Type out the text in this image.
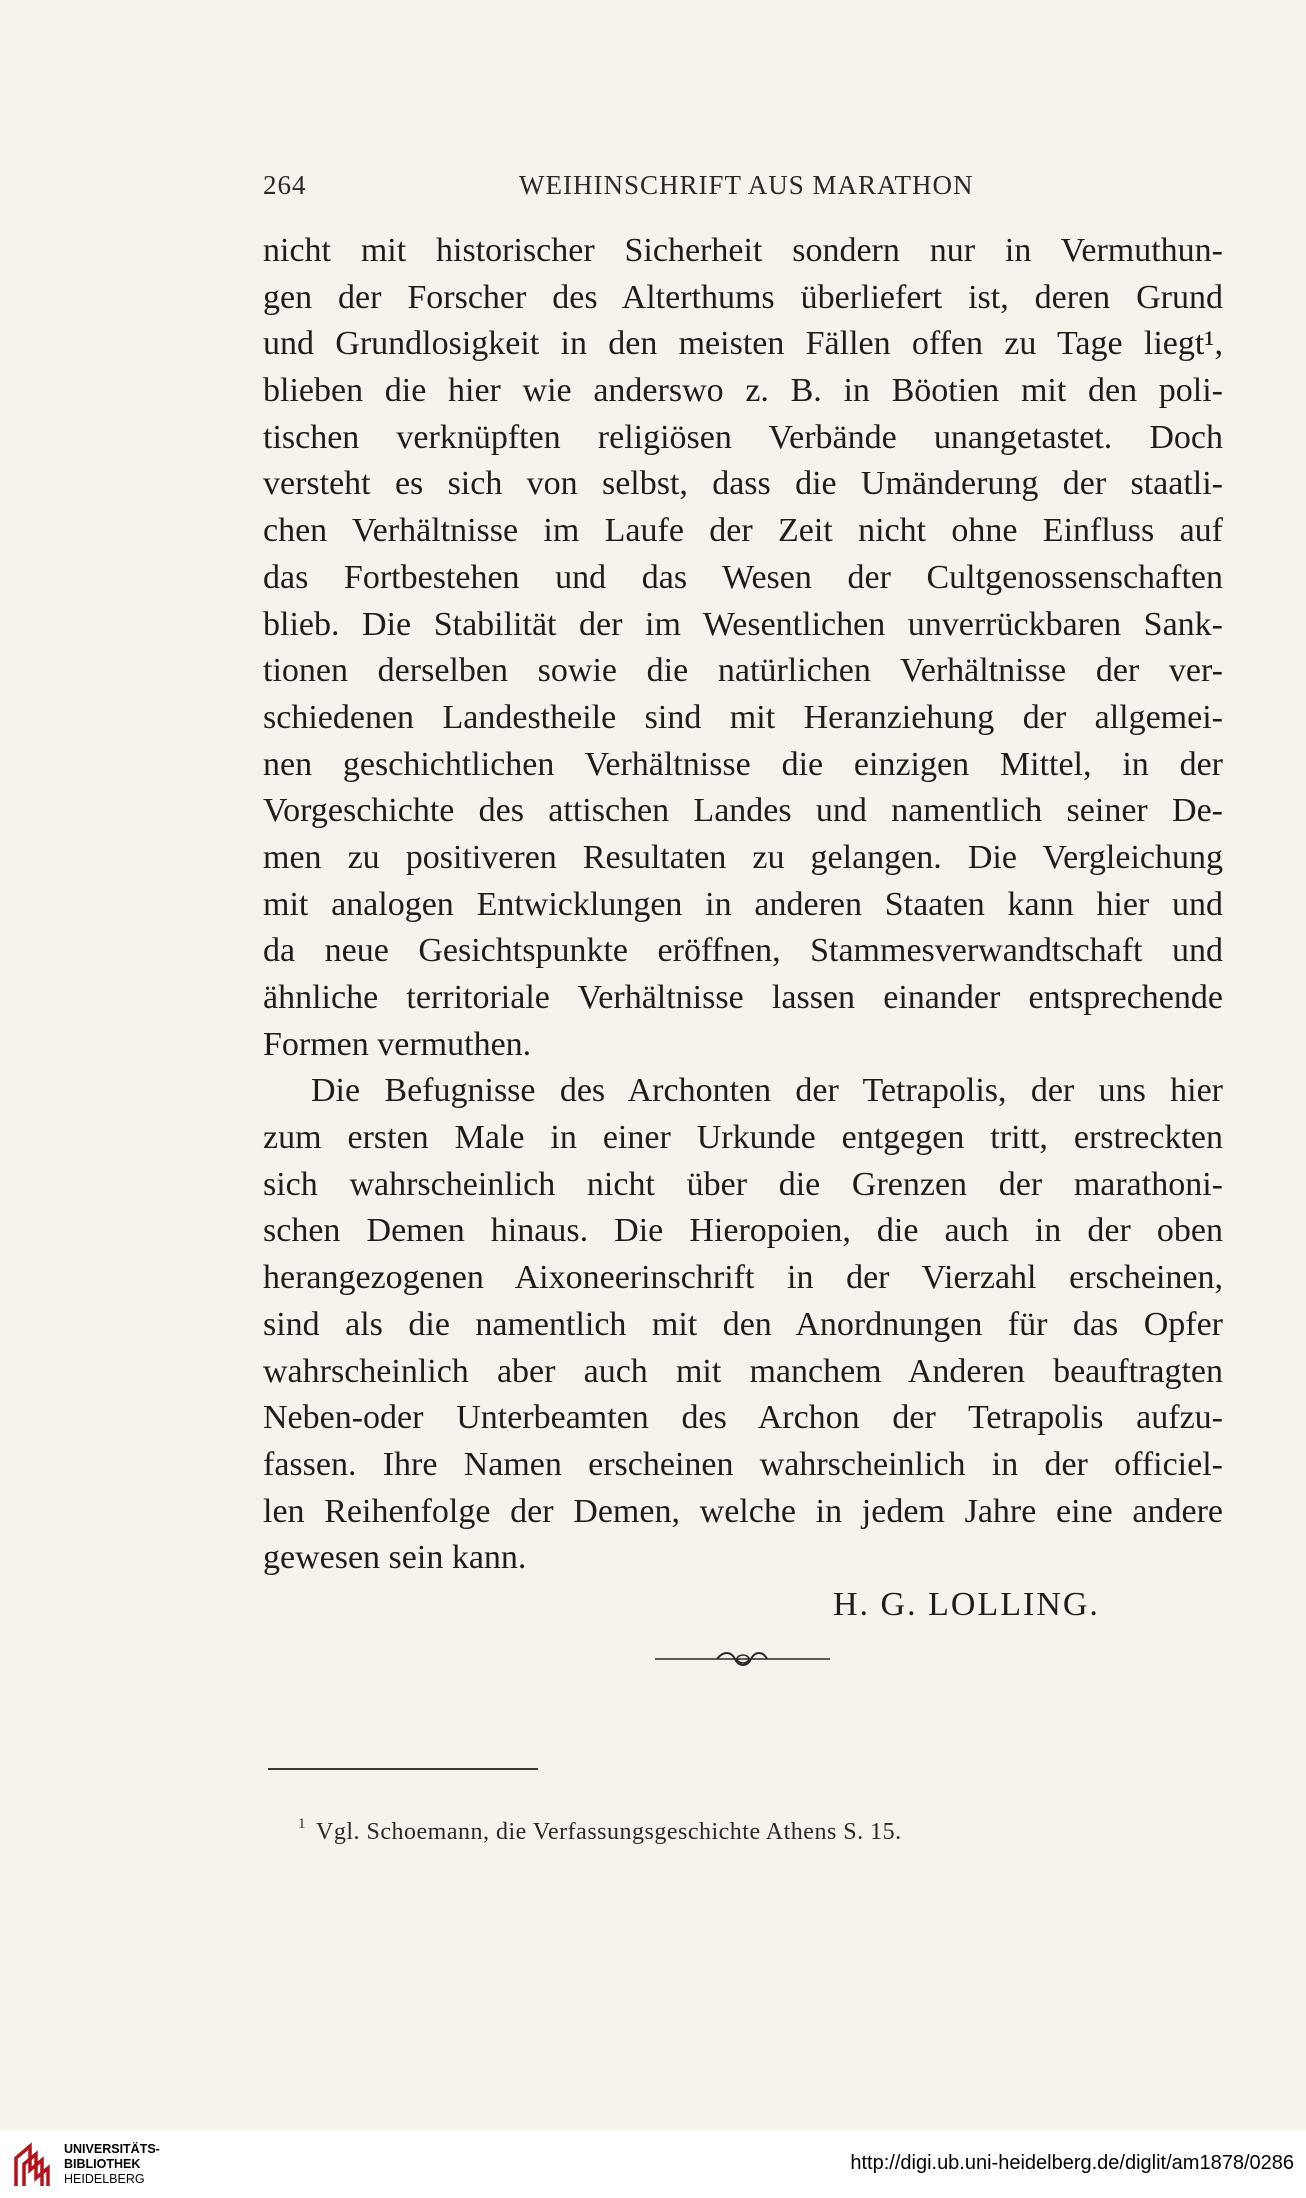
264	WEIHINSCHRIFT AUS MARATHON
nicht mit historischer Sicherheit sondern nur in Vermuthun-
gen der Forscher des Alterthums überliefert ist, deren Grund
und Grundlosigkeit in den meisten Fällen offen zu Tage liegt¹,
blieben die hier wie anderswo z. B. in Böotien mit den poli-
tischen verknüpften religiösen Verbände unangetastet. Doch
versteht es sich von selbst, dass die Umänderung der staatli-
chen Verhältnisse im Laufe der Zeit nicht ohne Einfluss auf
das Fortbestehen und das Wesen der Cultgenossenschaften
blieb. Die Stabilität der im Wesentlichen unverrückbaren Sank-
tionen derselben sowie die natürlichen Verhältnisse der ver-
schiedenen Landestheile sind mit Heranziehung der allgemei-
nen geschichtlichen Verhältnisse die einzigen Mittel, in der
Vorgeschichte des attischen Landes und namentlich seiner De-
men zu positiveren Resultaten zu gelangen. Die Vergleichung
mit analogen Entwicklungen in anderen Staaten kann hier und
da neue Gesichtspunkte eröffnen, Stammesverwandtschaft und
ähnliche territoriale Verhältnisse lassen einander entsprechende
Formen vermuthen.
Die Befugnisse des Archonten der Tetrapolis, der uns hier
zum ersten Male in einer Urkunde entgegen tritt, erstreckten
sich wahrscheinlich nicht über die Grenzen der marathoni-
schen Demen hinaus. Die Hieropoien, die auch in der oben
herangezogenen Aixoneerinschrift in der Vierzahl erscheinen,
sind als die namentlich mit den Anordnungen für das Opfer
wahrscheinlich aber auch mit manchem Anderen beauftragten
Neben-oder Unterbeamten des Archon der Tetrapolis aufzu-
fassen. Ihre Namen erscheinen wahrscheinlich in der officiel-
len Reihenfolge der Demen, welche in jedem Jahre eine andere
gewesen sein kann.
H. G. LOLLING.
$^1$ Vgl. Schoemann, die Verfassungsgeschichte Athens S. 15.
UNIVERSITÄTS-
BIBLIOTHEK
HEIDELBERG
http://digi.ub.uni-heidelberg.de/diglit/am1878/0286
